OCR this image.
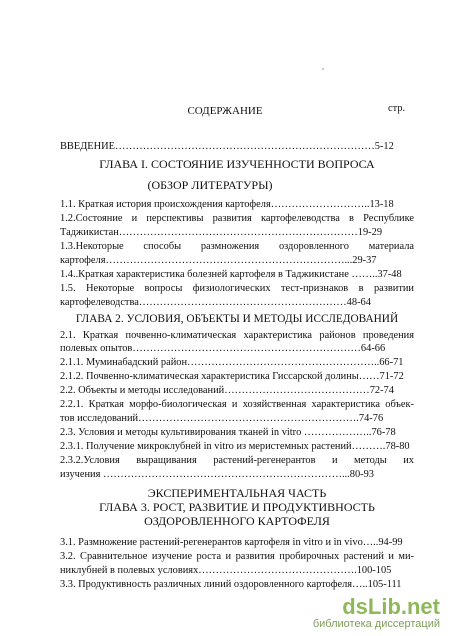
СОДЕРЖАНИЕ	стр.
ВВЕДЕНИЕ…………………………………………………………………5-12
ГЛАВА I. СОСТОЯНИЕ ИЗУЧЕННОСТИ ВОПРОСА
(ОБЗОР ЛИТЕРАТУРЫ)
1.1. Краткая история происхождения картофеля………………………..13-18
1.2.Состояние и перспективы развития картофелеводства в Республике
Таджикистан……………………………………………………………19-29
1.3.Некоторые способы размножения оздоровленного материала
картофеля……………………………………………………………...29-37
1.4..Краткая характеристика болезней картофеля в Таджикистане ……..37-48
1.5. Некоторые вопросы физиологических тест-признаков в развитии
картофелеводства……………………………………………………48-64
ГЛАВА 2. УСЛОВИЯ, ОБЪЕКТЫ И МЕТОДЫ ИССЛЕДОВАНИЙ
2.1. Краткая почвенно-климатическая характеристика районов проведения
полевых опытов…………………………………………………………64-66
2.1.1. Муминабадский район………………………………………………..66-71
2.1.2. Почвенно-климатическая характеристика Гиссарской долины……71-72
2.2. Объекты и методы исследований……………………………………72-74
2.2.1. Краткая морфо-биологическая и хозяйственная характеристика объек-
тов исследований……………………………………………………….74-76
2.3. Условия и методы культивирования тканей in vitro ………………..76-78
2.3.1. Получение микроклубней in vitro из меристемных растений……….78-80
2.3.2.Условия выращивания растений-регенерантов и методы их
изучения ……………………………………………………………...80-93
ЭКСПЕРИМЕНТАЛЬНАЯ ЧАСТЬ
ГЛАВА 3. РОСТ, РАЗВИТИЕ И ПРОДУКТИВНОСТЬ
ОЗДОРОВЛЕННОГО КАРТОФЕЛЯ
3.1. Размножение растений-регенерантов картофеля in vitro и in vivo…..94-99
3.2. Сравнительное изучение роста и развития пробирочных растений и ми-
никлубней в полевых условиях……………………………………….100-105
3.3. Продуктивность различных линий оздоровленного картофеля…..105-111
dsLib.net
библиотека диссертаций
